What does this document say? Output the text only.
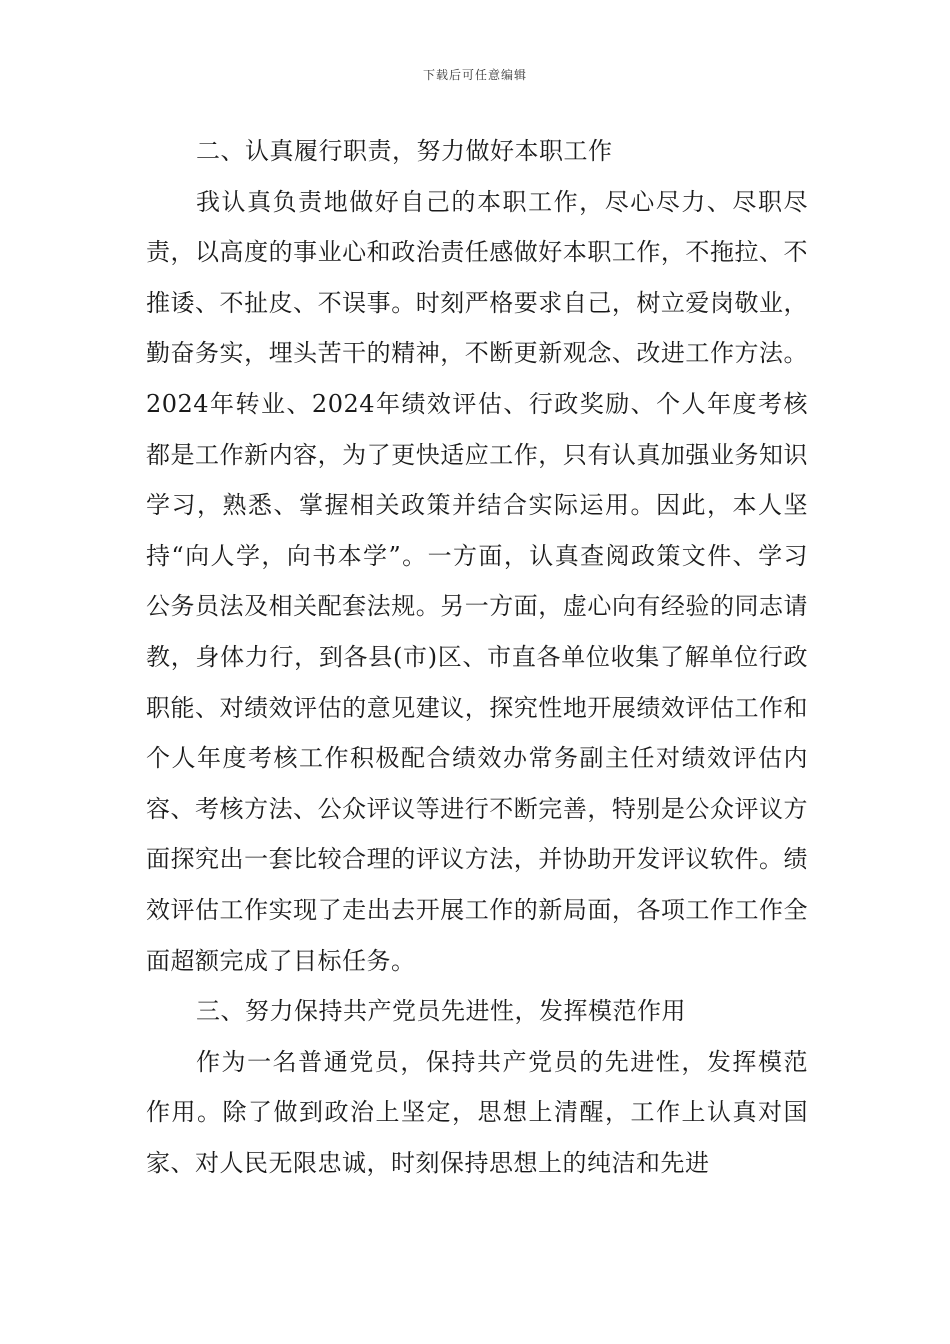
下载后可任意编辑

二、认真履行职责，努力做好本职工作

我认真负责地做好自己的本职工作，尽心尽力、尽职尽责，以高度的事业心和政治责任感做好本职工作，不拖拉、不推诿、不扯皮、不误事。时刻严格要求自己，树立爱岗敬业，勤奋务实，埋头苦干的精神，不断更新观念、改进工作方法。2024年转业、2024年绩效评估、行政奖励、个人年度考核都是工作新内容，为了更快适应工作，只有认真加强业务知识学习，熟悉、掌握相关政策并结合实际运用。因此，本人坚持“向人学，向书本学”。一方面，认真查阅政策文件、学习公务员法及相关配套法规。另一方面，虚心向有经验的同志请教，身体力行，到各县(市)区、市直各单位收集了解单位行政职能、对绩效评估的意见建议，探究性地开展绩效评估工作和个人年度考核工作积极配合绩效办常务副主任对绩效评估内容、考核方法、公众评议等进行不断完善，特别是公众评议方面探究出一套比较合理的评议方法，并协助开发评议软件。绩效评估工作实现了走出去开展工作的新局面，各项工作工作全面超额完成了目标任务。

三、努力保持共产党员先进性，发挥模范作用

作为一名普通党员，保持共产党员的先进性，发挥模范作用。除了做到政治上坚定，思想上清醒，工作上认真对国家、对人民无限忠诚，时刻保持思想上的纯洁和先进
